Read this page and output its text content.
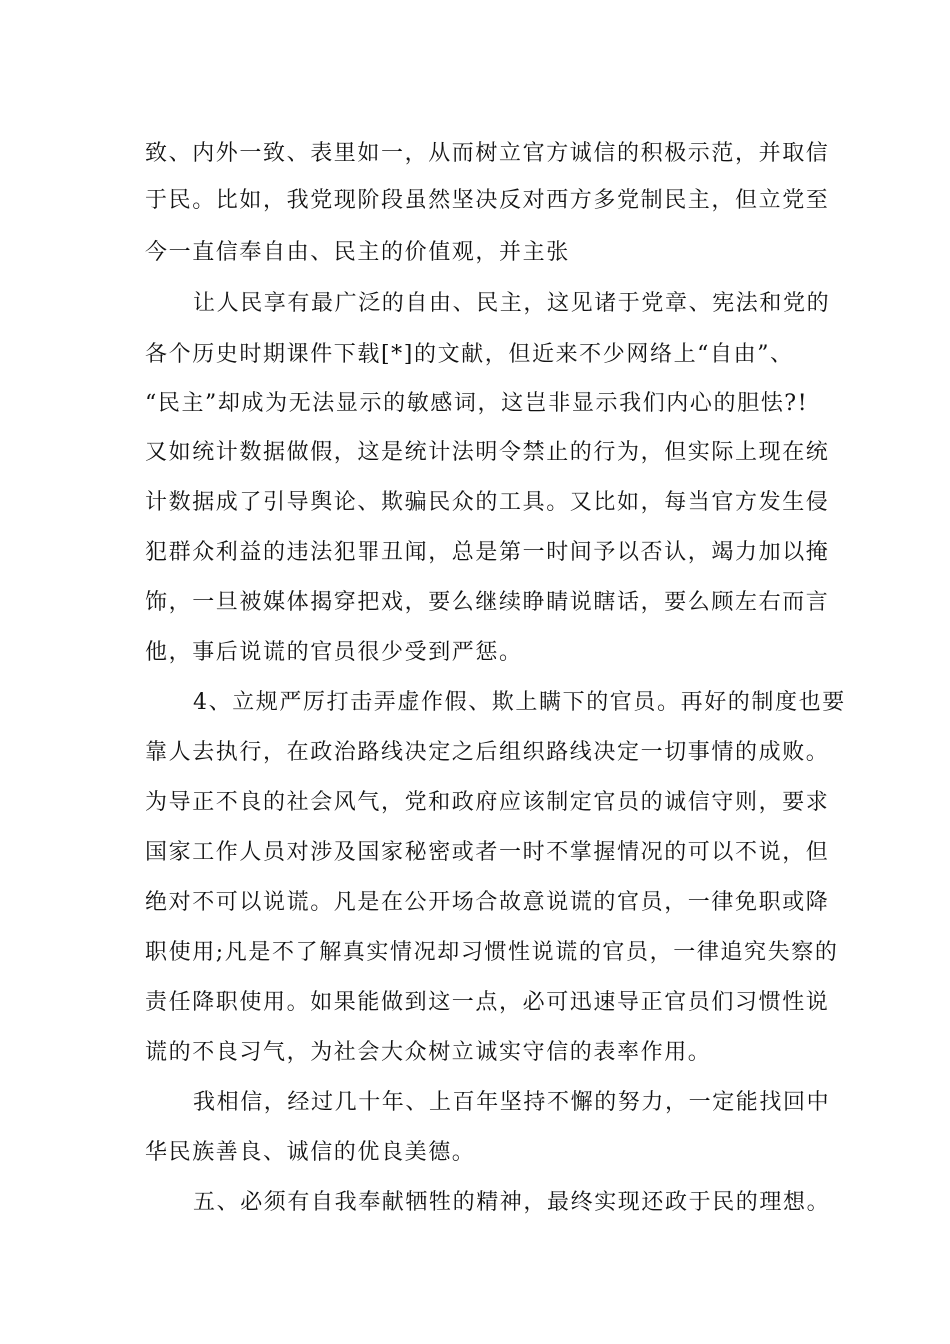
致、内外一致、表里如一，从而树立官方诚信的积极示范，并取信
于民。比如，我党现阶段虽然坚决反对西方多党制民主，但立党至
今一直信奉自由、民主的价值观，并主张
让人民享有最广泛的自由、民主，这见诸于党章、宪法和党的
各个历史时期课件下载[*]的文献，但近来不少网络上“自由”、
“民主”却成为无法显示的敏感词，这岂非显示我们内心的胆怯?!
又如统计数据做假，这是统计法明令禁止的行为，但实际上现在统
计数据成了引导舆论、欺骗民众的工具。又比如，每当官方发生侵
犯群众利益的违法犯罪丑闻，总是第一时间予以否认，竭力加以掩
饰，一旦被媒体揭穿把戏，要么继续睁睛说瞎话，要么顾左右而言
他，事后说谎的官员很少受到严惩。
4、立规严厉打击弄虚作假、欺上瞒下的官员。再好的制度也要
靠人去执行，在政治路线决定之后组织路线决定一切事情的成败。
为导正不良的社会风气，党和政府应该制定官员的诚信守则，要求
国家工作人员对涉及国家秘密或者一时不掌握情况的可以不说，但
绝对不可以说谎。凡是在公开场合故意说谎的官员，一律免职或降
职使用;凡是不了解真实情况却习惯性说谎的官员，一律追究失察的
责任降职使用。如果能做到这一点，必可迅速导正官员们习惯性说
谎的不良习气，为社会大众树立诚实守信的表率作用。
我相信，经过几十年、上百年坚持不懈的努力，一定能找回中
华民族善良、诚信的优良美德。
五、必须有自我奉献牺牲的精神，最终实现还政于民的理想。
